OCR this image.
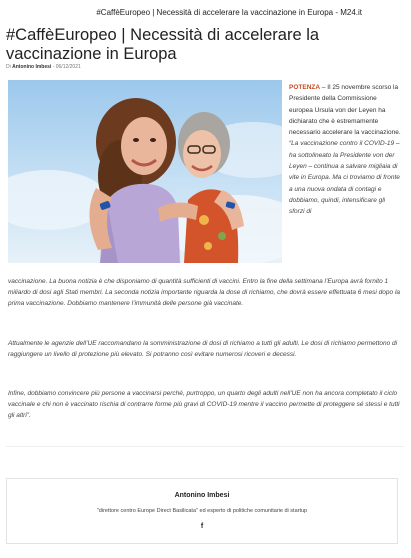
#CaffèEuropeo | Necessità di accelerare la vaccinazione in Europa - M24.it
#CaffèEuropeo | Necessità di accelerare la vaccinazione in Europa
Di Antonino Imbesi - 06/12/2021

POTENZA – Il 25 novembre scorso la Presidente della Commissione europea Ursula von der Leyen ha dichiarato che è estremamente necessario accelerare la vaccinazione.

“La vaccinazione contro il COVID-19 – ha sottolineato la Presidente von der Leyen – continua a salvare migliaia di vite in Europa. Ma ci troviamo di fronte a una nuova ondata di contagi e dobbiamo, quindi, intensificare gli sforzi di

vaccinazione. La buona notizia è che disponiamo di quantità sufficienti di vaccini. Entro la fine della settimana l’Europa avrà fornito 1 miliardo di dosi agli Stati membri. La seconda notizia importante riguarda la dose di richiamo, che dovrà essere effettuata 6 mesi dopo la prima vaccinazione. Dobbiamo mantenere l’immunità delle persone già vaccinate.

Attualmente le agenzie dell’UE raccomandano la somministrazione di dosi di richiamo a tutti gli adulti. Le dosi di richiamo permettono di raggiungere un livello di protezione più elevato. Si potranno così evitare numerosi ricoveri e decessi.

Infine, dobbiamo convincere più persone a vaccinarsi perché, purtroppo, un quarto degli adulti nell’UE non ha ancora completato il ciclo vaccinale e chi non è vaccinato rischia di contrarre forme più gravi di COVID-19 mentre il vaccino permette di proteggere sé stessi e tutti gli altri”.

Antonino Imbesi
"direttore centro Europe Direct Basilicata" ed esperto di politiche comunitarie di startup
f
